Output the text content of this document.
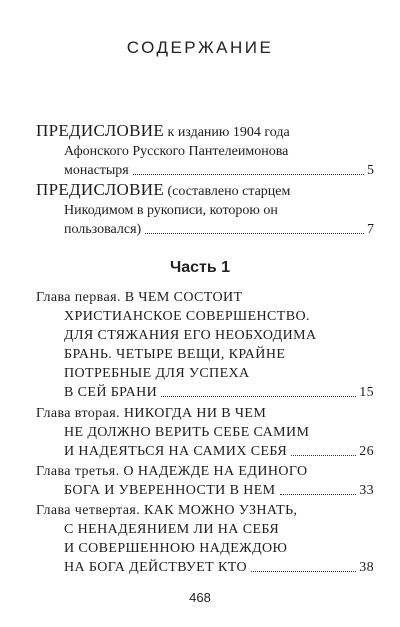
СОДЕРЖАНИЕ
ПРЕДИСЛОВИЕ к изданию 1904 года
Афонского Русского Пантелеимонова
монастыря	5
ПРЕДИСЛОВИЕ (составлено старцем
Никодимом в рукописи, которою он
пользовался)	7
Часть 1
Глава первая. В ЧЕМ СОСТОИТ
ХРИСТИАНСКОЕ СОВЕРШЕНСТВО.
ДЛЯ СТЯЖАНИЯ ЕГО НЕОБХОДИМА
БРАНЬ. ЧЕТЫРЕ ВЕЩИ, КРАЙНЕ
ПОТРЕБНЫЕ ДЛЯ УСПЕХА
В СЕЙ БРАНИ	15
Глава вторая. НИКОГДА НИ В ЧЕМ
НЕ ДОЛЖНО ВЕРИТЬ СЕБЕ САМИМ
И НАДЕЯТЬСЯ НА САМИХ СЕБЯ	26
Глава третья. О НАДЕЖДЕ НА ЕДИНОГО
БОГА И УВЕРЕННОСТИ В НЕМ	33
Глава четвертая. КАК МОЖНО УЗНАТЬ,
С НЕНАДЕЯНИЕМ ЛИ НА СЕБЯ
И СОВЕРШЕННОЮ НАДЕЖДОЮ
НА БОГА ДЕЙСТВУЕТ КТО	38
468
